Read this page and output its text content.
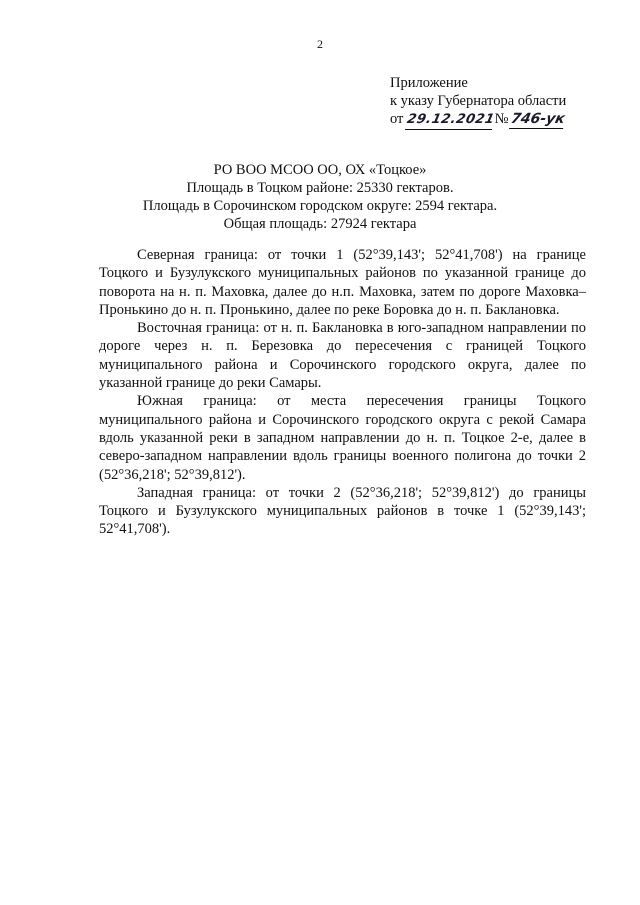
2
Приложение
к указу Губернатора области
от 29.12.2021
№ 746-ук
РО ВОО МСОО ОО, ОХ «Тоцкое»
Площадь в Тоцком районе: 25330 гектаров.
Площадь в Сорочинском городском округе: 2594 гектара.
Общая площадь: 27924 гектара

Северная граница: от точки 1 (52°39,143'; 52°41,708') на границе Тоцкого и Бузулукского муниципальных районов по указанной границе до поворота на н. п. Маховка, далее до н.п. Маховка, затем по дороге Маховка–Пронькино до н. п. Пронькино, далее по реке Боровка до н. п. Баклановка.

Восточная граница: от н. п. Баклановка в юго-западном направлении по дороге через н. п. Березовка до пересечения с границей Тоцкого муниципального района и Сорочинского городского округа, далее по указанной границе до реки Самары.

Южная граница: от места пересечения границы Тоцкого муниципального района и Сорочинского городского округа с рекой Самара вдоль указанной реки в западном направлении до н. п. Тоцкое 2-е, далее в северо-западном направлении вдоль границы военного полигона до точки 2 (52°36,218'; 52°39,812').

Западная граница: от точки 2 (52°36,218'; 52°39,812') до границы Тоцкого и Бузулукского муниципальных районов в точке 1 (52°39,143'; 52°41,708').
